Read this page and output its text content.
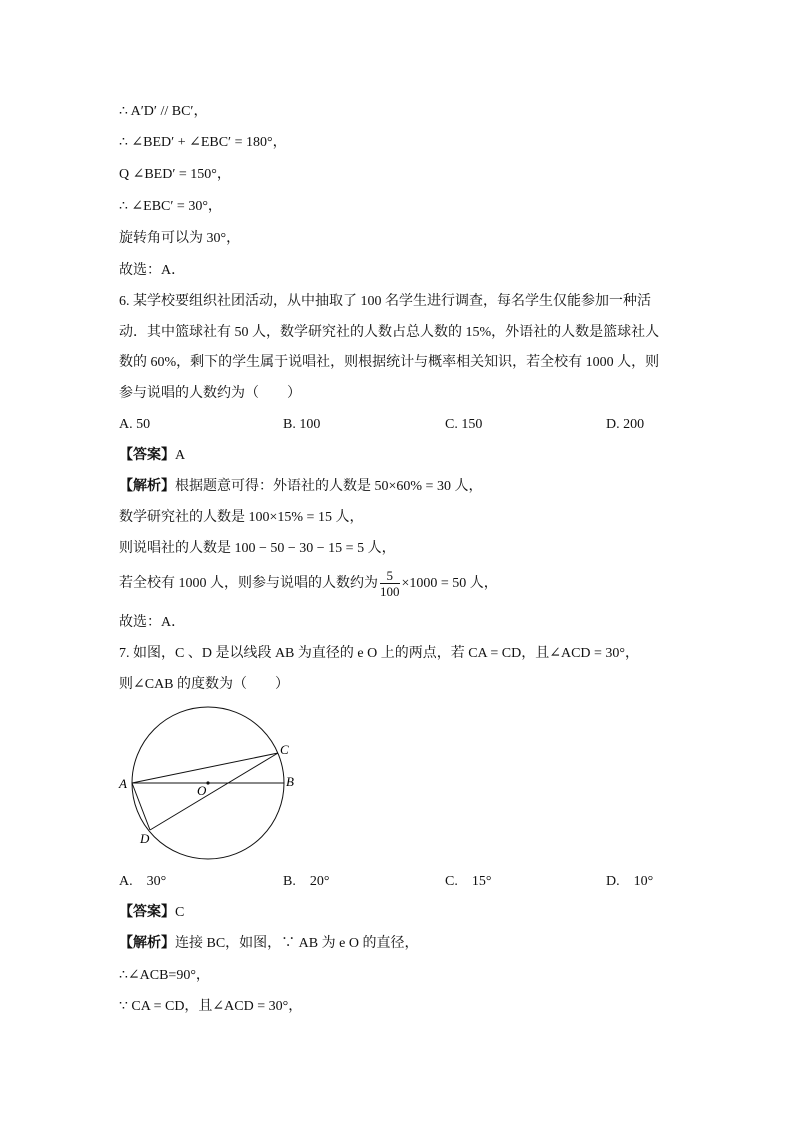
∴ A′D′ // BC′，
∴ ∠BED′ + ∠EBC′ = 180°，
Q ∠BED′ = 150°，
∴ ∠EBC′ = 30°，
旋转角可以为 30°，
故选：A．
6. 某学校要组织社团活动，从中抽取了 100 名学生进行调查，每名学生仅能参加一种活
动．其中篮球社有 50 人，数学研究社的人数占总人数的 15%，外语社的人数是篮球社人
数的 60%，剩下的学生属于说唱社，则根据统计与概率相关知识，若全校有 1000 人，则
参与说唱的人数约为（　　）
A. 50	B. 100	C. 150	D. 200
【答案】A
【解析】根据题意可得：外语社的人数是 50×60% = 30 人，
数学研究社的人数是 100×15% = 15 人，
则说唱社的人数是 100 − 50 − 30 − 15 = 5 人，
若全校有 1000 人，则参与说唱的人数约为 $\frac{5}{100} \times 1000 = 50$ 人，
故选：A．
7. 如图，C 、D 是以线段 AB 为直径的 e O 上的两点，若 CA = CD，且∠ACD = 30°，
则∠CAB 的度数为（　　）
A	B
C
D
O
A.　30°	B.　20°	C.　15°	D.　10°
【答案】C
【解析】连接 BC，如图，∵ AB 为 e O 的直径，
∴∠ACB=90°，
∵ CA = CD，且∠ACD = 30°，
